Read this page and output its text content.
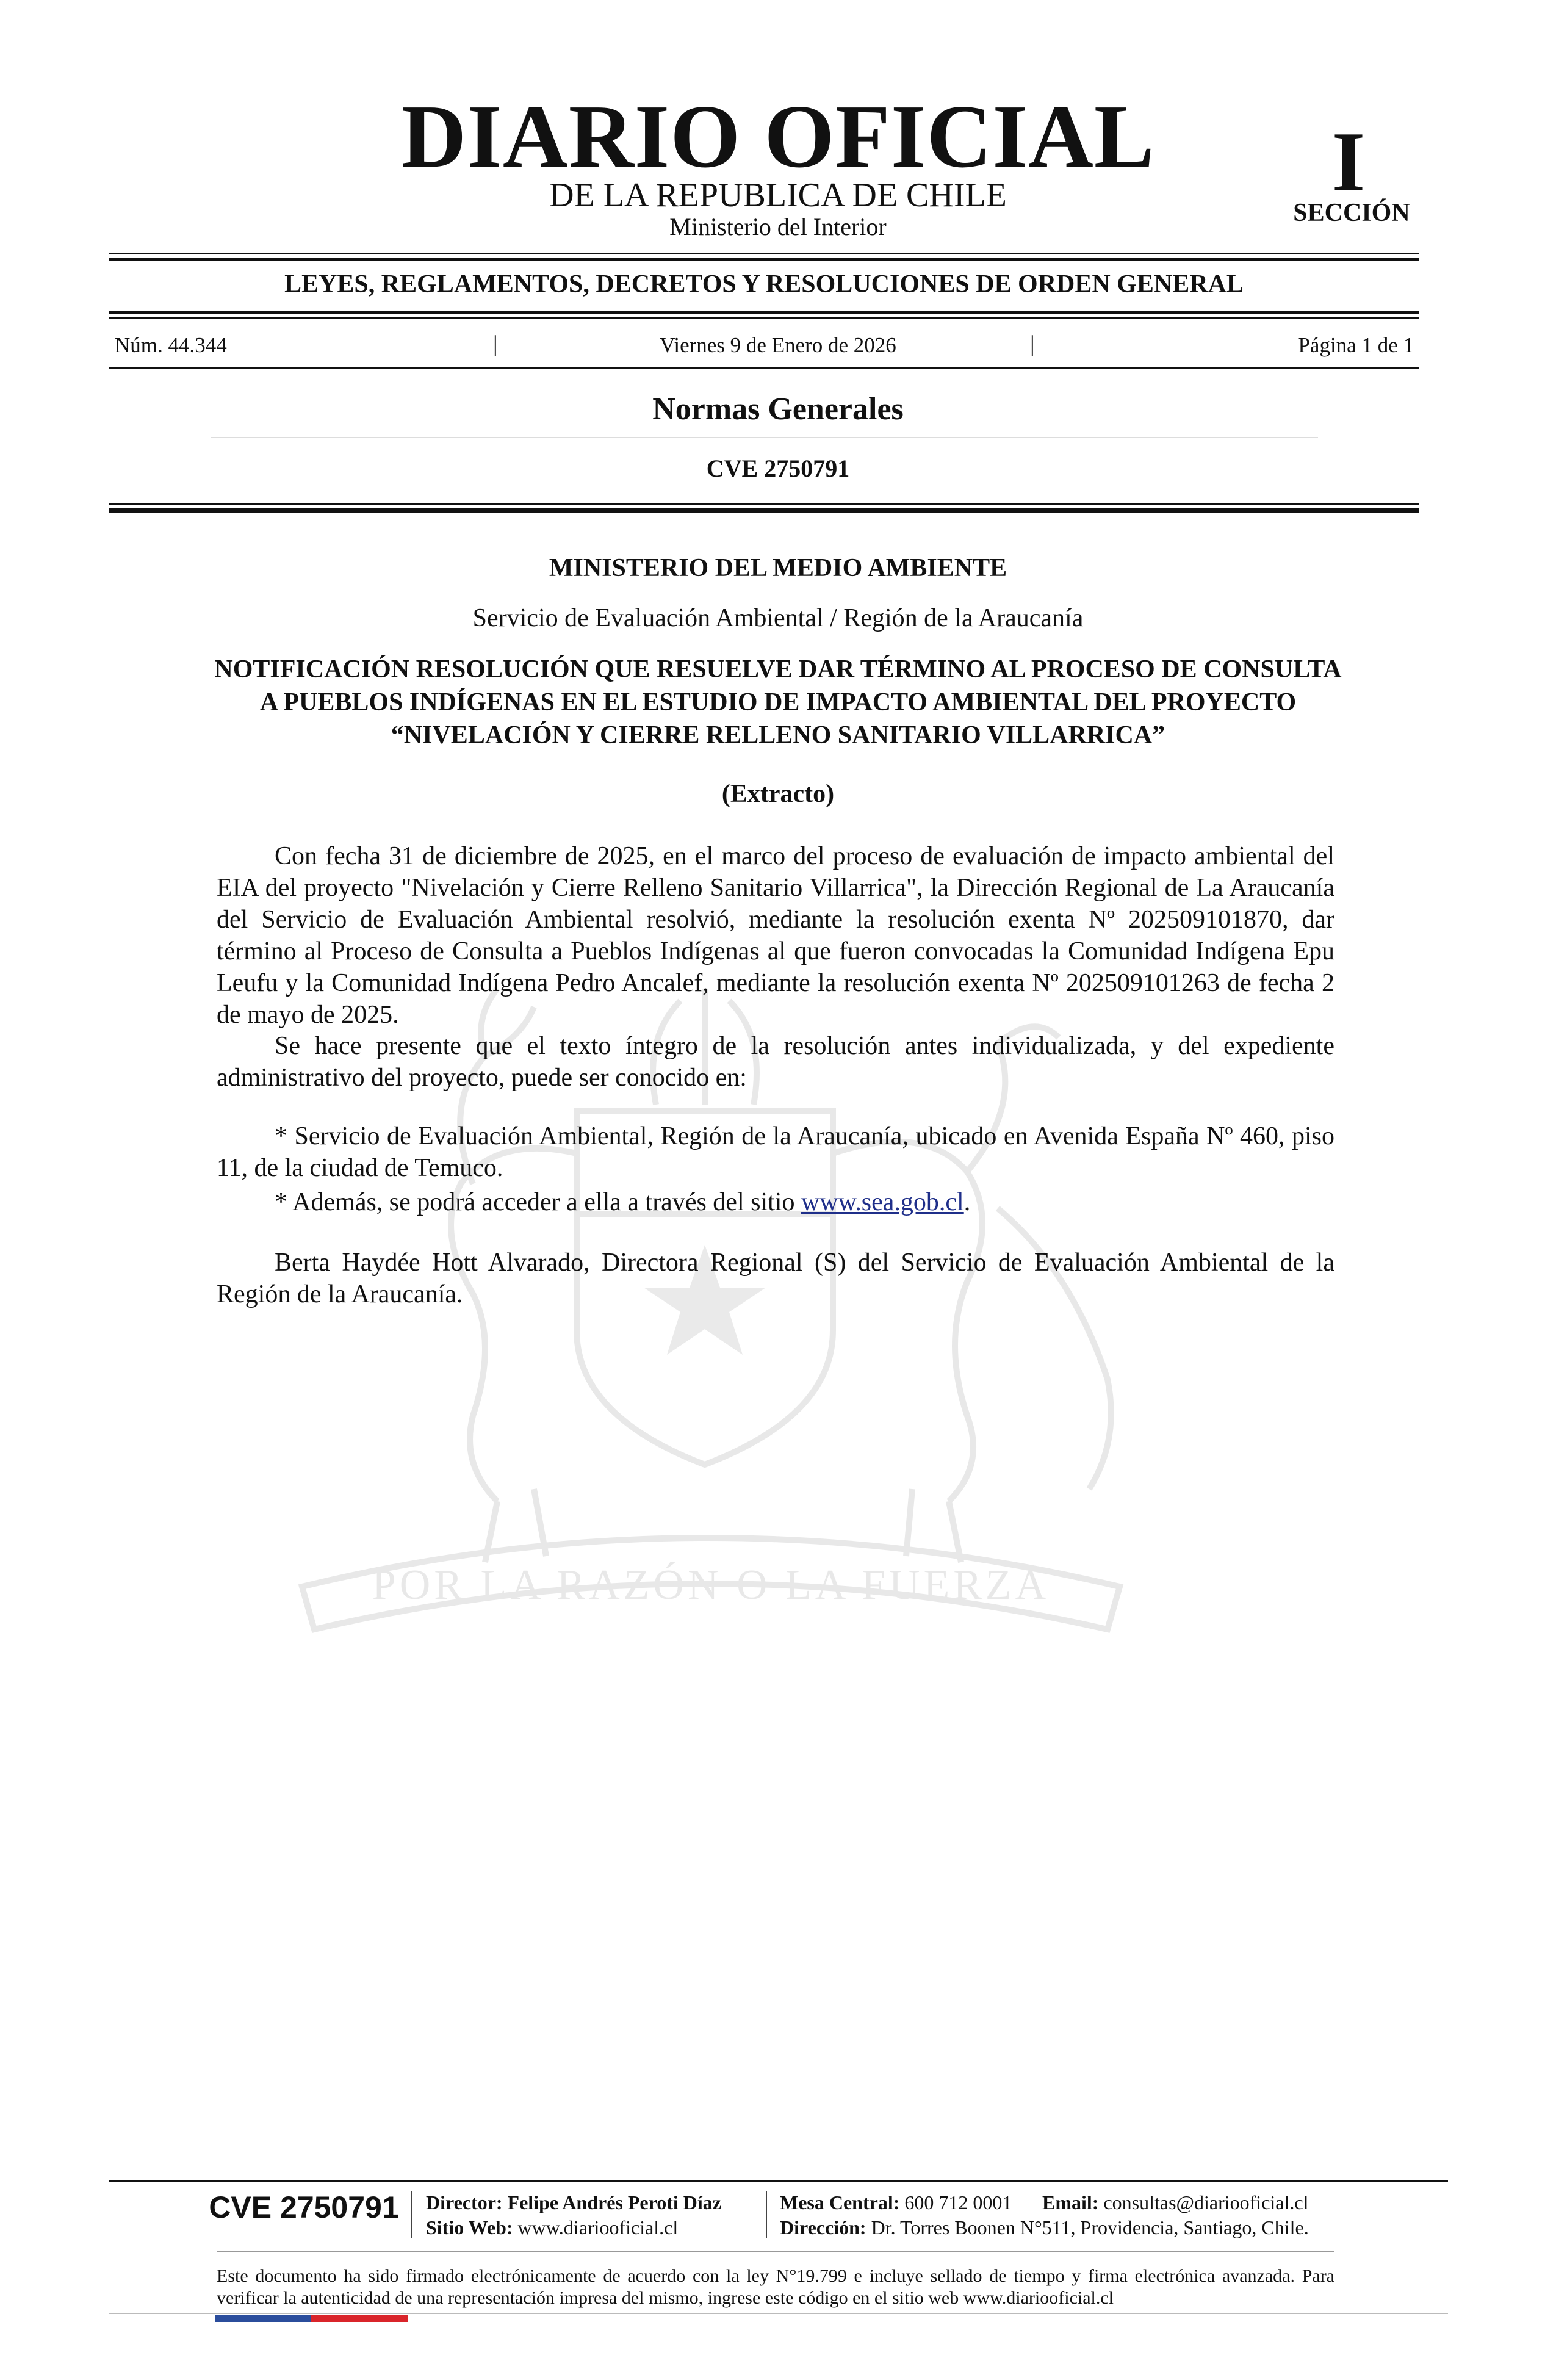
POR LA RAZÓN O LA FUERZA
DIARIO OFICIAL
DE LA REPUBLICA DE CHILE
Ministerio del Interior
I
SECCIÓN
LEYES, REGLAMENTOS, DECRETOS Y RESOLUCIONES DE ORDEN GENERAL
Núm. 44.344	|	Viernes 9 de Enero de 2026	|	Página 1 de 1
Normas Generales
CVE 2750791
MINISTERIO DEL MEDIO AMBIENTE
Servicio de Evaluación Ambiental / Región de la Araucanía
NOTIFICACIÓN RESOLUCIÓN QUE RESUELVE DAR TÉRMINO AL PROCESO DE CONSULTA A PUEBLOS INDÍGENAS EN EL ESTUDIO DE IMPACTO AMBIENTAL DEL PROYECTO “NIVELACIÓN Y CIERRE RELLENO SANITARIO VILLARRICA”
(Extracto)
Con fecha 31 de diciembre de 2025, en el marco del proceso de evaluación de impacto ambiental del EIA del proyecto "Nivelación y Cierre Relleno Sanitario Villarrica", la Dirección Regional de La Araucanía del Servicio de Evaluación Ambiental resolvió, mediante la resolución exenta Nº 202509101870, dar término al Proceso de Consulta a Pueblos Indígenas al que fueron convocadas la Comunidad Indígena Epu Leufu y la Comunidad Indígena Pedro Ancalef, mediante la resolución exenta Nº 202509101263 de fecha 2 de mayo de 2025.
Se hace presente que el texto íntegro de la resolución antes individualizada, y del expediente administrativo del proyecto, puede ser conocido en:
* Servicio de Evaluación Ambiental, Región de la Araucanía, ubicado en Avenida España Nº 460, piso 11, de la ciudad de Temuco.
* Además, se podrá acceder a ella a través del sitio www.sea.gob.cl.
Berta Haydée Hott Alvarado, Directora Regional (S) del Servicio de Evaluación Ambiental de la Región de la Araucanía.
CVE 2750791 Director: Felipe Andrés Peroti Díaz
Sitio Web: www.diariooficial.cl
Mesa Central: 600 712 0001 Email: consultas@diariooficial.cl
Dirección: Dr. Torres Boonen N°511, Providencia, Santiago, Chile.
Este documento ha sido firmado electrónicamente de acuerdo con la ley N°19.799 e incluye sellado de tiempo y firma electrónica avanzada. Para verificar la autenticidad de una representación impresa del mismo, ingrese este código en el sitio web www.diariooficial.cl
